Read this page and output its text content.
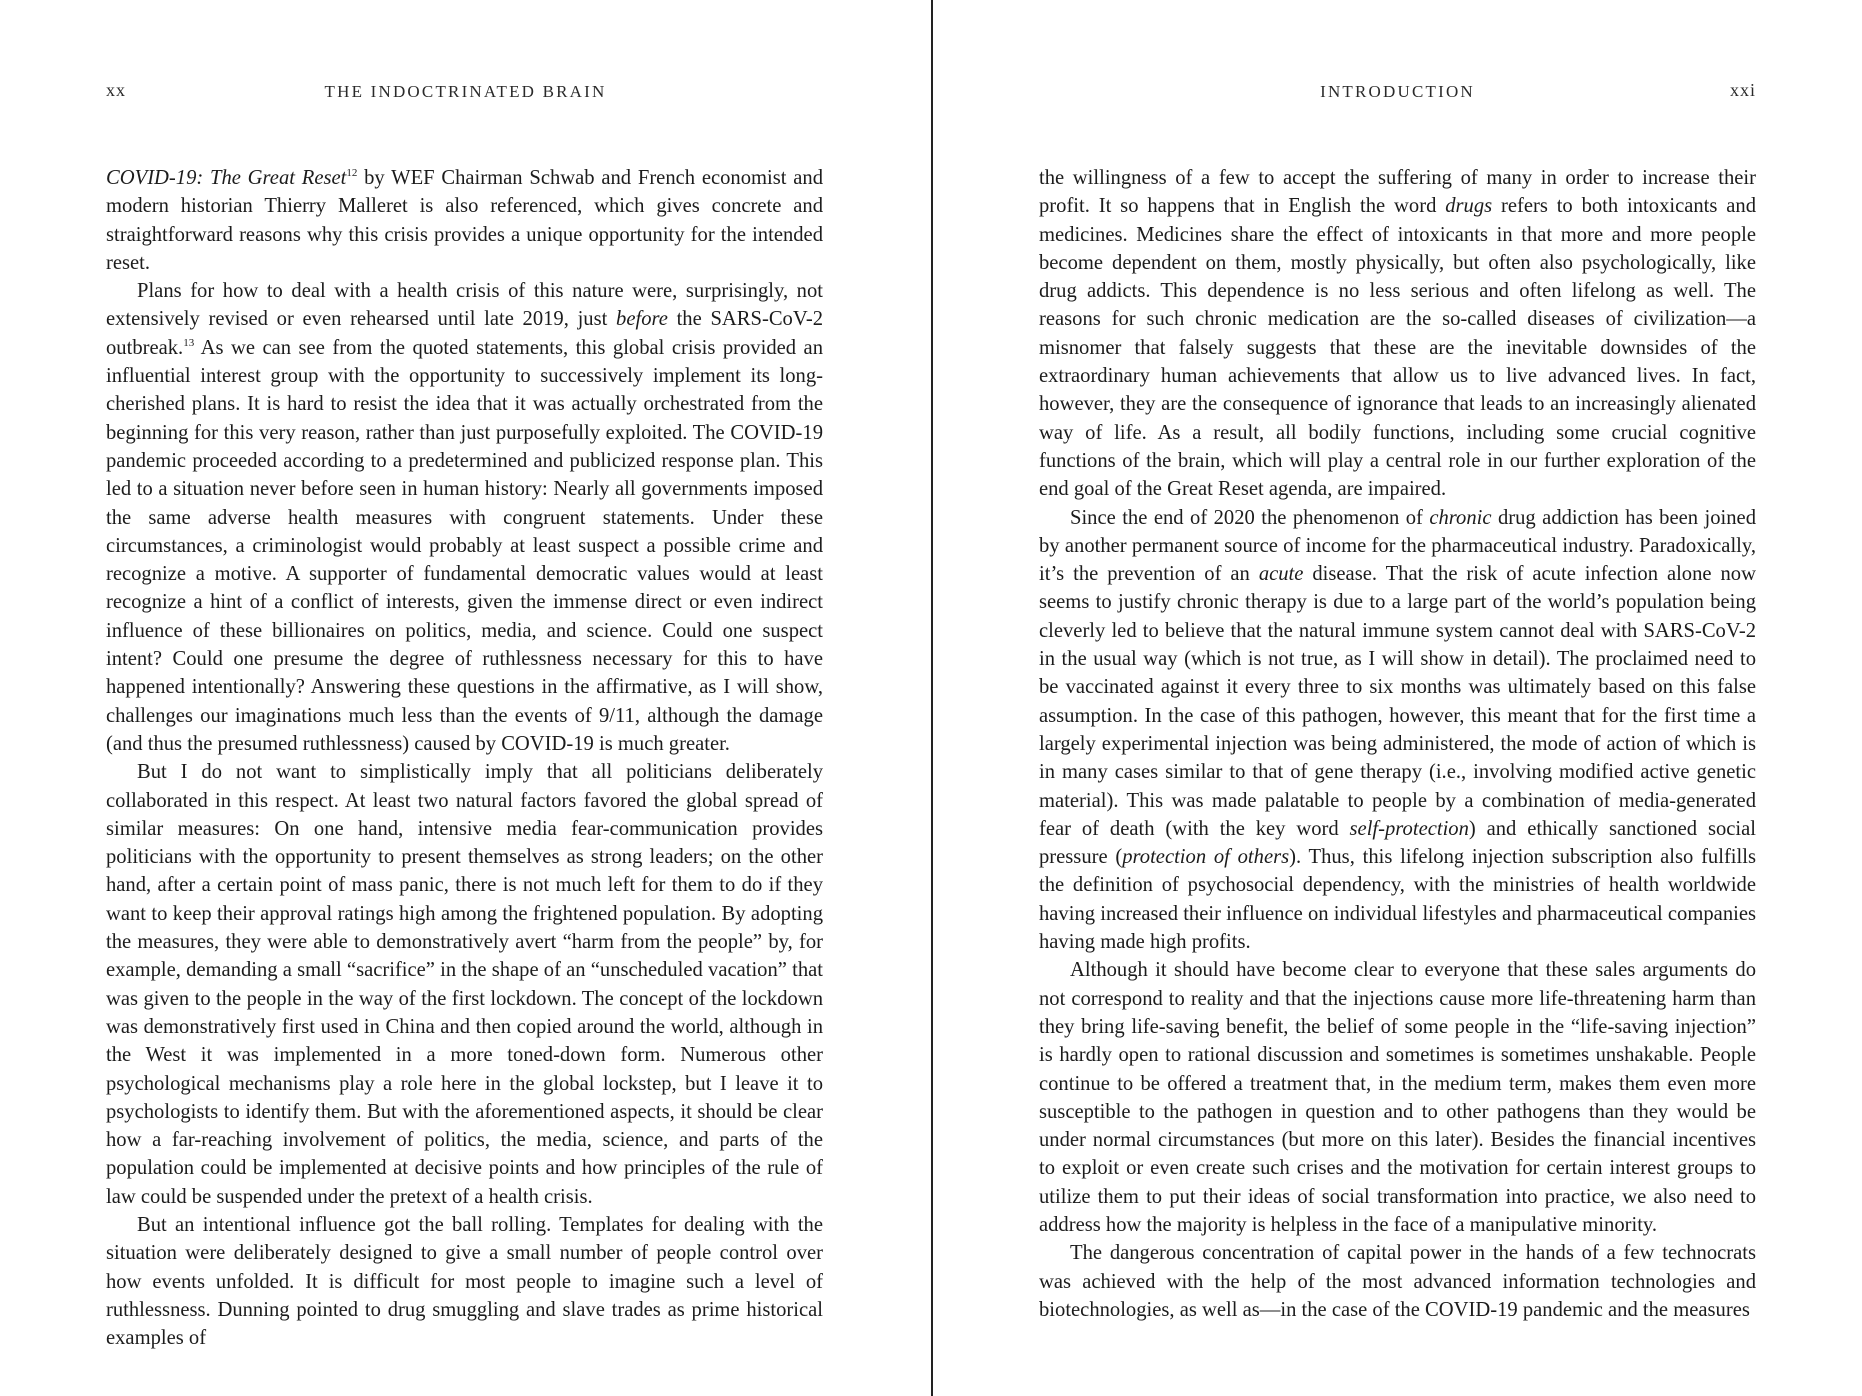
xx	THE INDOCTRINATED BRAIN

COVID-19: The Great Reset$^{12}$ by WEF Chairman Schwab and French economist and modern historian Thierry Malleret is also referenced, which gives concrete and straightforward reasons why this crisis provides a unique opportunity for the intended reset.

Plans for how to deal with a health crisis of this nature were, surprisingly, not extensively revised or even rehearsed until late 2019, just before the SARS-CoV-2 outbreak.$^{13}$ As we can see from the quoted statements, this global crisis provided an influential interest group with the opportunity to successively implement its long-cherished plans. It is hard to resist the idea that it was actually orchestrated from the beginning for this very reason, rather than just purposefully exploited. The COVID-19 pandemic proceeded according to a predetermined and publicized response plan. This led to a situation never before seen in human history: Nearly all governments imposed the same adverse health measures with congruent statements. Under these circumstances, a criminologist would probably at least suspect a possible crime and recognize a motive. A supporter of fundamental democratic values would at least recognize a hint of a conflict of interests, given the immense direct or even indirect influence of these billionaires on politics, media, and science. Could one suspect intent? Could one presume the degree of ruthlessness necessary for this to have happened intentionally? Answering these questions in the affirmative, as I will show, challenges our imaginations much less than the events of 9/11, although the damage (and thus the presumed ruthlessness) caused by COVID-19 is much greater.

But I do not want to simplistically imply that all politicians deliberately collaborated in this respect. At least two natural factors favored the global spread of similar measures: On one hand, intensive media fear-communication provides politicians with the opportunity to present themselves as strong leaders; on the other hand, after a certain point of mass panic, there is not much left for them to do if they want to keep their approval ratings high among the frightened population. By adopting the measures, they were able to demonstratively avert “harm from the people” by, for example, demanding a small “sacrifice” in the shape of an “unscheduled vacation” that was given to the people in the way of the first lockdown. The concept of the lockdown was demonstratively first used in China and then copied around the world, although in the West it was implemented in a more toned-down form. Numerous other psychological mechanisms play a role here in the global lockstep, but I leave it to psychologists to identify them. But with the aforementioned aspects, it should be clear how a far-reaching involvement of politics, the media, science, and parts of the population could be implemented at decisive points and how principles of the rule of law could be suspended under the pretext of a health crisis.

But an intentional influence got the ball rolling. Templates for dealing with the situation were deliberately designed to give a small number of people control over how events unfolded. It is difficult for most people to imagine such a level of ruthlessness. Dunning pointed to drug smuggling and slave trades as prime historical examples of

INTRODUCTION	xxi

the willingness of a few to accept the suffering of many in order to increase their profit. It so happens that in English the word drugs refers to both intoxicants and medicines. Medicines share the effect of intoxicants in that more and more people become dependent on them, mostly physically, but often also psychologically, like drug addicts. This dependence is no less serious and often lifelong as well. The reasons for such chronic medication are the so-called diseases of civilization—a misnomer that falsely suggests that these are the inevitable downsides of the extraordinary human achievements that allow us to live advanced lives. In fact, however, they are the consequence of ignorance that leads to an increasingly alienated way of life. As a result, all bodily functions, including some crucial cognitive functions of the brain, which will play a central role in our further exploration of the end goal of the Great Reset agenda, are impaired.

Since the end of 2020 the phenomenon of chronic drug addiction has been joined by another permanent source of income for the pharmaceutical industry. Paradoxically, it’s the prevention of an acute disease. That the risk of acute infection alone now seems to justify chronic therapy is due to a large part of the world’s population being cleverly led to believe that the natural immune system cannot deal with SARS-CoV-2 in the usual way (which is not true, as I will show in detail). The proclaimed need to be vaccinated against it every three to six months was ultimately based on this false assumption. In the case of this pathogen, however, this meant that for the first time a largely experimental injection was being administered, the mode of action of which is in many cases similar to that of gene therapy (i.e., involving modified active genetic material). This was made palatable to people by a combination of media-generated fear of death (with the key word self-protection) and ethically sanctioned social pressure (protection of others). Thus, this lifelong injection subscription also fulfills the definition of psychosocial dependency, with the ministries of health worldwide having increased their influence on individual lifestyles and pharmaceutical companies having made high profits.

Although it should have become clear to everyone that these sales arguments do not correspond to reality and that the injections cause more life-threatening harm than they bring life-saving benefit, the belief of some people in the “life-saving injection” is hardly open to rational discussion and sometimes is sometimes unshakable. People continue to be offered a treatment that, in the medium term, makes them even more susceptible to the pathogen in question and to other pathogens than they would be under normal circumstances (but more on this later). Besides the financial incentives to exploit or even create such crises and the motivation for certain interest groups to utilize them to put their ideas of social transformation into practice, we also need to address how the majority is helpless in the face of a manipulative minority.

The dangerous concentration of capital power in the hands of a few technocrats was achieved with the help of the most advanced information technologies and biotechnologies, as well as—in the case of the COVID-19 pandemic and the measures
